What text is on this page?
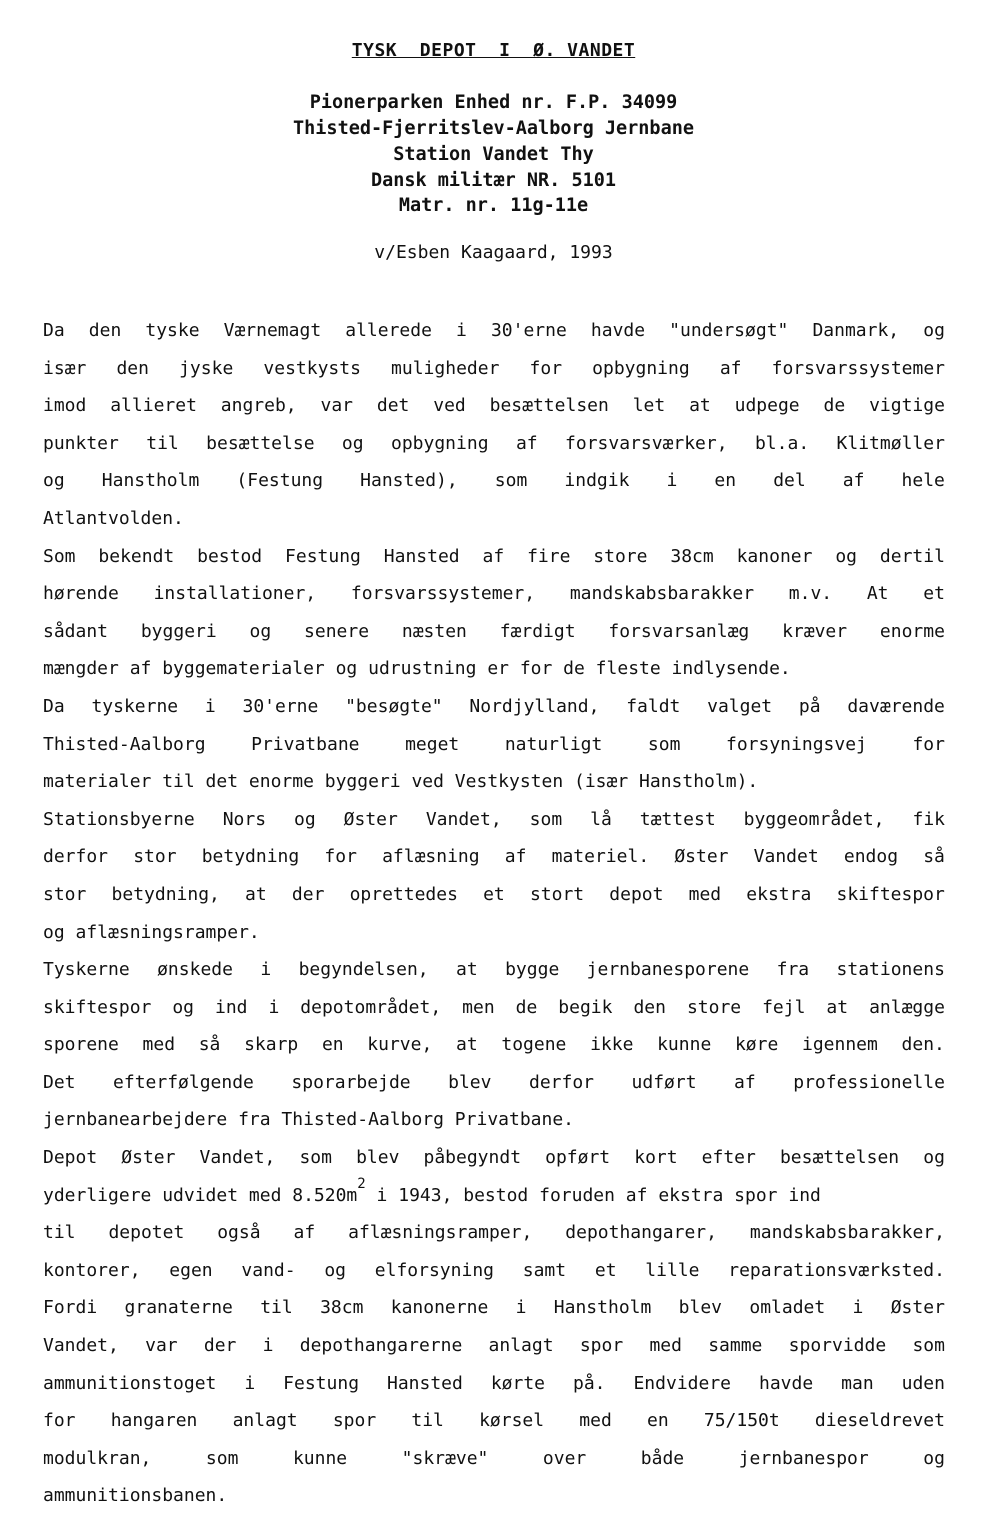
TYSK  DEPOT  I  Ø. VANDET
Pionerparken Enhed nr. F.P. 34099
Thisted-Fjerritslev-Aalborg Jernbane
Station Vandet Thy
Dansk militær NR. 5101
Matr. nr. 11g-11e
v/Esben Kaagaard, 1993
Da den tyske Værnemagt allerede i 30'erne havde "undersøgt" Danmark, og
især den jyske vestkysts muligheder for opbygning af forsvarssystemer
imod allieret angreb, var det ved besættelsen let at udpege de vigtige
punkter til besættelse og opbygning af forsvarsværker, bl.a. Klitmøller
og Hanstholm (Festung Hansted), som indgik i en del af hele
Atlantvolden.
Som bekendt bestod Festung Hansted af fire store 38cm kanoner og dertil
hørende installationer, forsvarssystemer, mandskabsbarakker m.v. At et
sådant byggeri og senere næsten færdigt forsvarsanlæg kræver enorme
mængder af byggematerialer og udrustning er for de fleste indlysende.
Da tyskerne i 30'erne "besøgte" Nordjylland, faldt valget på daværende
Thisted-Aalborg	Privatbane	meget	naturligt	som	forsyningsvej	for
materialer til det enorme byggeri ved Vestkysten (især Hanstholm).
Stationsbyerne Nors og Øster Vandet, som lå tættest byggeområdet, fik
derfor stor betydning for aflæsning af materiel. Øster Vandet endog så
stor betydning, at der oprettedes et stort depot med ekstra skiftespor
og aflæsningsramper.
Tyskerne ønskede i begyndelsen, at bygge jernbanesporene fra stationens
skiftespor og ind i depotområdet, men de begik den store fejl at anlægge
sporene med så skarp en kurve, at togene ikke kunne køre igennem den.
Det efterfølgende sporarbejde blev derfor udført af professionelle
jernbanearbejdere fra Thisted-Aalborg Privatbane.
Depot Øster Vandet, som blev påbegyndt opført kort efter besættelsen og
yderligere udvidet med $8.520m^2$ i 1943, bestod foruden af ekstra spor ind
til depotet også af aflæsningsramper, depothangarer, mandskabsbarakker,
kontorer, egen vand- og elforsyning samt et lille reparationsværksted.
Fordi granaterne til 38cm kanonerne i Hanstholm blev omladet i Øster
Vandet, var der i depothangarerne anlagt spor med samme sporvidde som
ammunitionstoget i Festung Hansted kørte på. Endvidere havde man uden
for hangaren anlagt spor til kørsel med en 75/150t dieseldrevet
modulkran,	som	kunne	"skræve"	over	både	jernbanespor	og
ammunitionsbanen.
